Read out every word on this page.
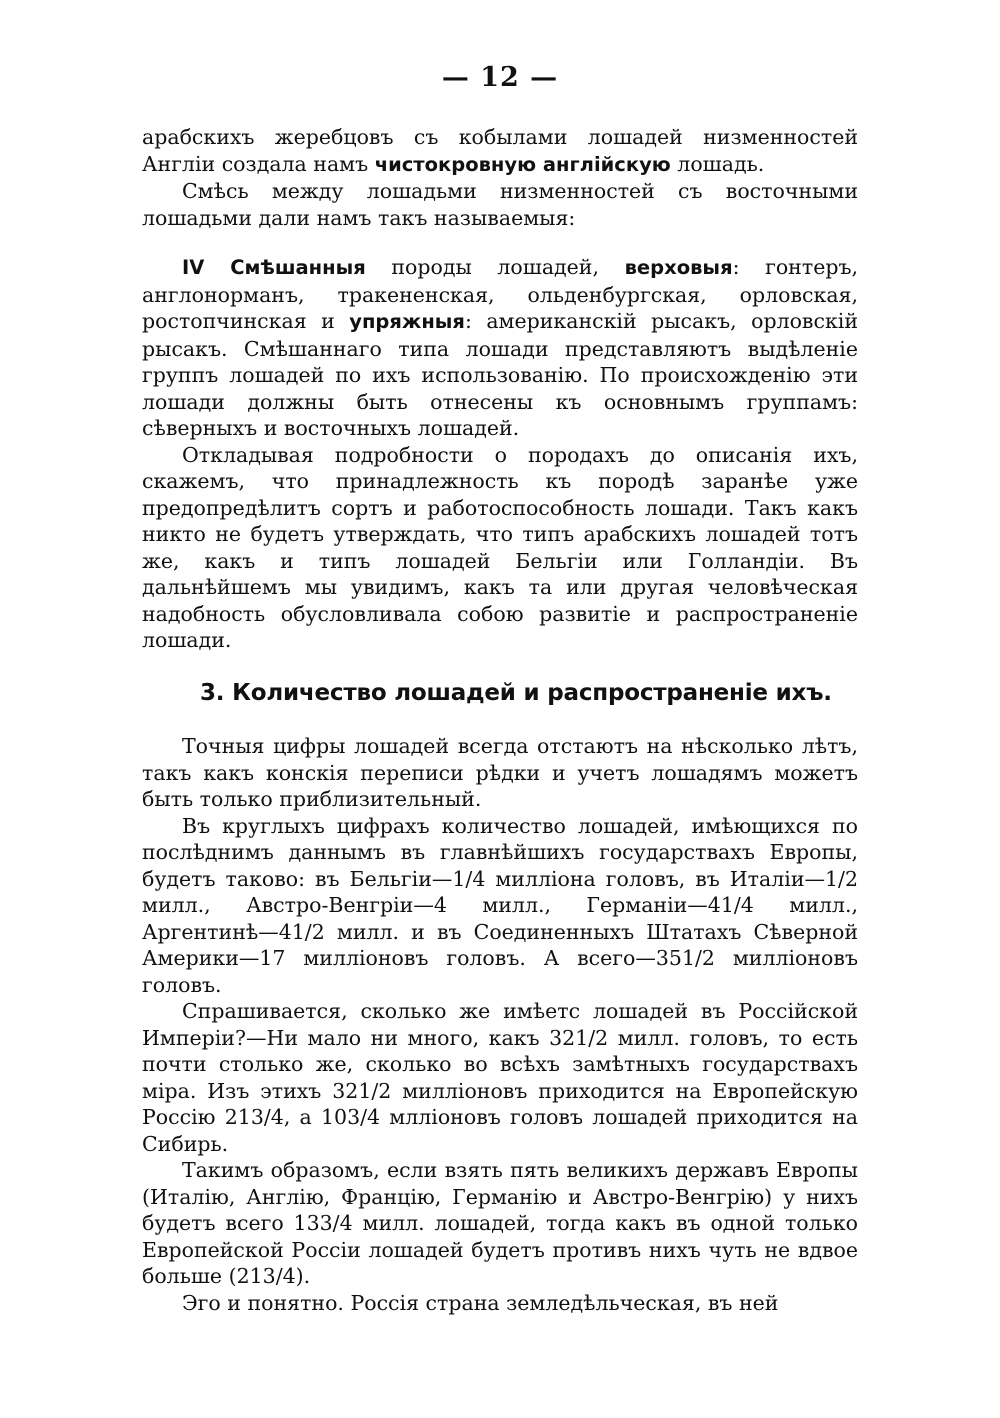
— 12 —

арабскихъ жеребцовъ съ кобылами лошадей низменностей Англіи создала намъ чистокровную англійскую лошадь.

Смѣсь между лошадьми низменностей съ восточными лошадьми дали намъ такъ называемыя:

IV Смѣшанныя породы лошадей, верховыя: гонтеръ, англонорманъ, тракененская, ольденбургская, орловская, ростопчинская и упряжныя: американскій рысакъ, орловскій рысакъ. Смѣшаннаго типа лошади представляютъ выдѣленіе группъ лошадей по ихъ использованію. По происхожденію эти лошади должны быть отнесены къ основнымъ группамъ: сѣверныхъ и восточныхъ лошадей.

Откладывая подробности о породахъ до описанія ихъ, скажемъ, что принадлежность къ породѣ заранѣе уже предопредѣлитъ сортъ и работоспособность лошади. Такъ какъ никто не будетъ утверждать, что типъ арабскихъ лошадей тотъ же, какъ и типъ лошадей Бельгіи или Голландіи. Въ дальнѣйшемъ мы увидимъ, какъ та или другая человѣческая надобность обусловливала собою развитіе и распространеніе лошади.

3. Количество лошадей и распространеніе ихъ.

Точныя цифры лошадей всегда отстаютъ на нѣсколько лѣтъ, такъ какъ конскія переписи рѣдки и учетъ лошадямъ можетъ быть только приблизительный.

Въ круглыхъ цифрахъ количество лошадей, имѣющихся по послѣднимъ даннымъ въ главнѣйшихъ государствахъ Европы, будетъ таково: въ Бельгіи—1/4 милліона головъ, въ Италіи—1/2 милл., Австро-Венгріи—4 милл., Германіи—41/4 милл., Аргентинѣ—41/2 милл. и въ Соединенныхъ Штатахъ Сѣверной Америки—17 милліоновъ головъ. А всего—351/2 милліоновъ головъ.

Спрашивается, сколько же имѣетс лошадей въ Россійской Имперіи?—Ни мало ни много, какъ 321/2 милл. головъ, то есть почти столько же, сколько во всѣхъ замѣтныхъ государствахъ міра. Изъ этихъ 321/2 милліоновъ приходится на Европейскую Россію 213/4, а 103/4 млліоновъ головъ лошадей приходится на Сибирь.

Такимъ образомъ, если взять пять великихъ державъ Европы (Италію, Англію, Францію, Германію и Австро-Венгрію) у нихъ будетъ всего 133/4 милл. лошадей, тогда какъ въ одной только Европейской Россіи лошадей будетъ противъ нихъ чуть не вдвое больше (213/4).

Эго и понятно. Россія страна земледѣльческая, въ ней
